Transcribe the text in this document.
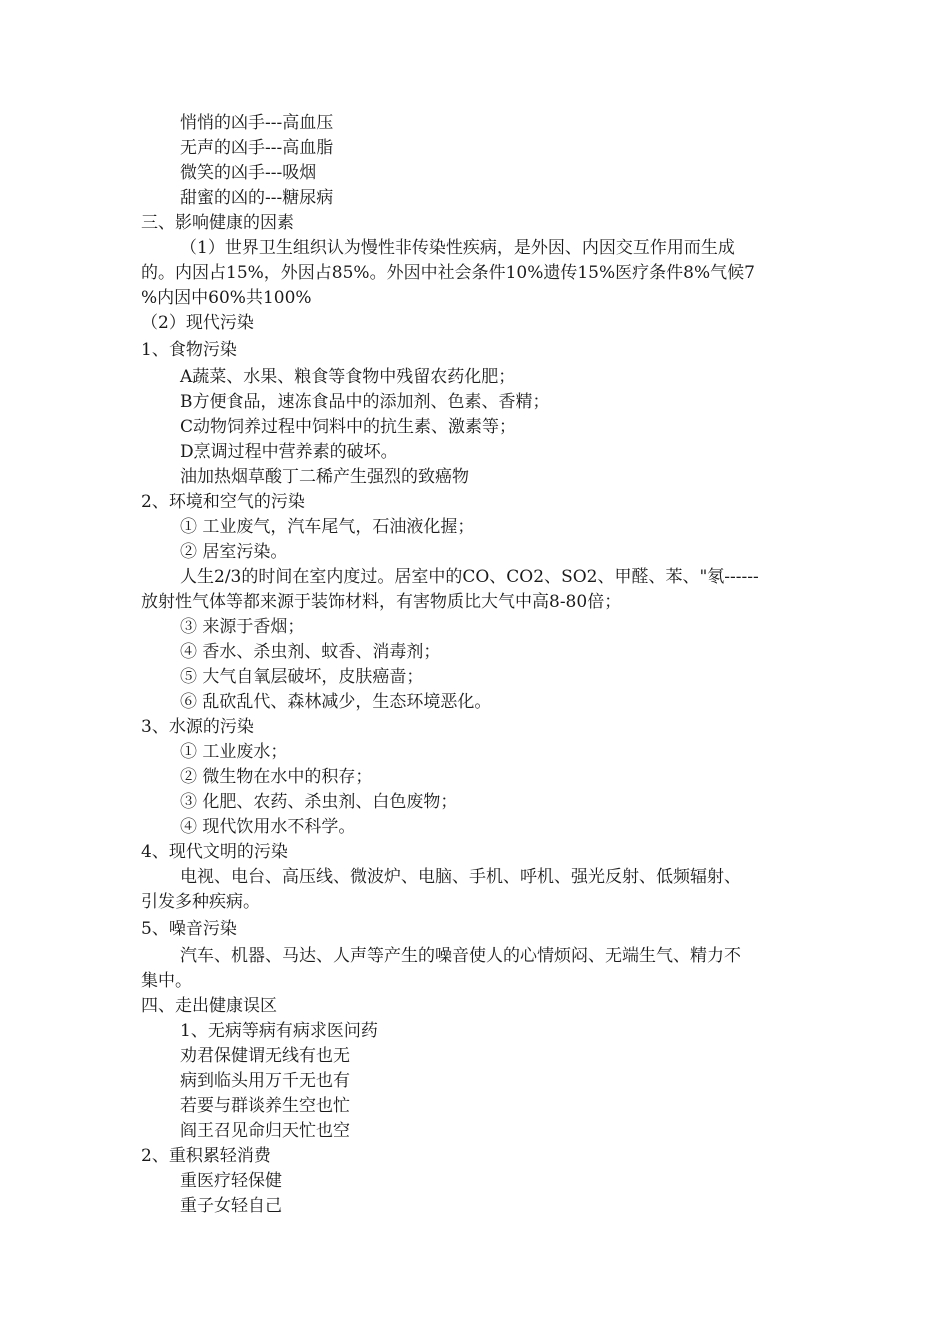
悄悄的凶手---高血压
无声的凶手---高血脂
微笑的凶手---吸烟
甜蜜的凶的---糖尿病
三、影响健康的因素
（1）世界卫生组织认为慢性非传染性疾病，是外因、内因交互作用而生成
的。内因占15%，外因占85%。外因中社会条件10%遗传15%医疗条件8%气候7
%内因中60%共100%
（2）现代污染
1、食物污染
A蔬菜、水果、粮食等食物中残留农药化肥；
B方便食品，速冻食品中的添加剂、色素、香精；
C动物饲养过程中饲料中的抗生素、激素等；
D烹调过程中营养素的破坏。
油加热烟草酸丁二稀产生强烈的致癌物
2、环境和空气的污染
① 工业废气，汽车尾气，石油液化握；
② 居室污染。
人生2/3的时间在室内度过。居室中的CO、CO2、SO2、甲醛、苯、"氡------
放射性气体等都来源于装饰材料，有害物质比大气中高8-80倍；
③ 来源于香烟；
④ 香水、杀虫剂、蚊香、消毒剂；
⑤ 大气自氧层破坏，皮肤癌啬；
⑥ 乱砍乱代、森林减少，生态环境恶化。
3、水源的污染
① 工业废水；
② 微生物在水中的积存；
③ 化肥、农药、杀虫剂、白色废物；
④ 现代饮用水不科学。
4、现代文明的污染
电视、电台、高压线、微波炉、电脑、手机、呼机、强光反射、低频辐射、
引发多种疾病。
5、噪音污染
汽车、机器、马达、人声等产生的噪音使人的心情烦闷、无端生气、精力不
集中。
四、走出健康误区
1、无病等病有病求医问药
劝君保健谓无线有也无
病到临头用万千无也有
若要与群谈养生空也忙
阎王召见命归天忙也空
2、重积累轻消费
重医疗轻保健
重子女轻自己
